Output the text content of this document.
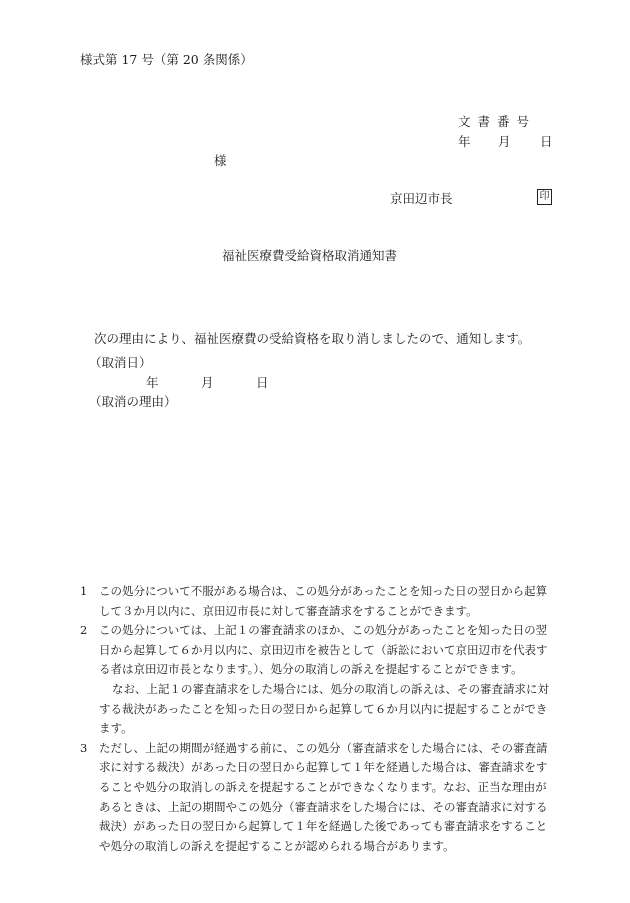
様式第 17 号（第 20 条関係）
文書番号
年 月 日
様
京田辺市長	印
福祉医療費受給資格取消通知書
次の理由により、福祉医療費の受給資格を取り消しましたので、通知します。
（取消日）
年	月	日
（取消の理由）
1 この処分について不服がある場合は、この処分があったことを知った日の翌日から起算して３か月以内に、京田辺市長に対して審査請求をすることができます。
2 この処分については、上記１の審査請求のほか、この処分があったことを知った日の翌日から起算して６か月以内に、京田辺市を被告として（訴訟において京田辺市を代表する者は京田辺市長となります。）、処分の取消しの訴えを提起することができます。
なお、上記１の審査請求をした場合には、処分の取消しの訴えは、その審査請求に対する裁決があったことを知った日の翌日から起算して６か月以内に提起することができます。
3 ただし、上記の期間が経過する前に、この処分（審査請求をした場合には、その審査請求に対する裁決）があった日の翌日から起算して１年を経過した場合は、審査請求をすることや処分の取消しの訴えを提起することができなくなります。なお、正当な理由があるときは、上記の期間やこの処分（審査請求をした場合には、その審査請求に対する裁決）があった日の翌日から起算して１年を経過した後であっても審査請求をすることや処分の取消しの訴えを提起することが認められる場合があります。
